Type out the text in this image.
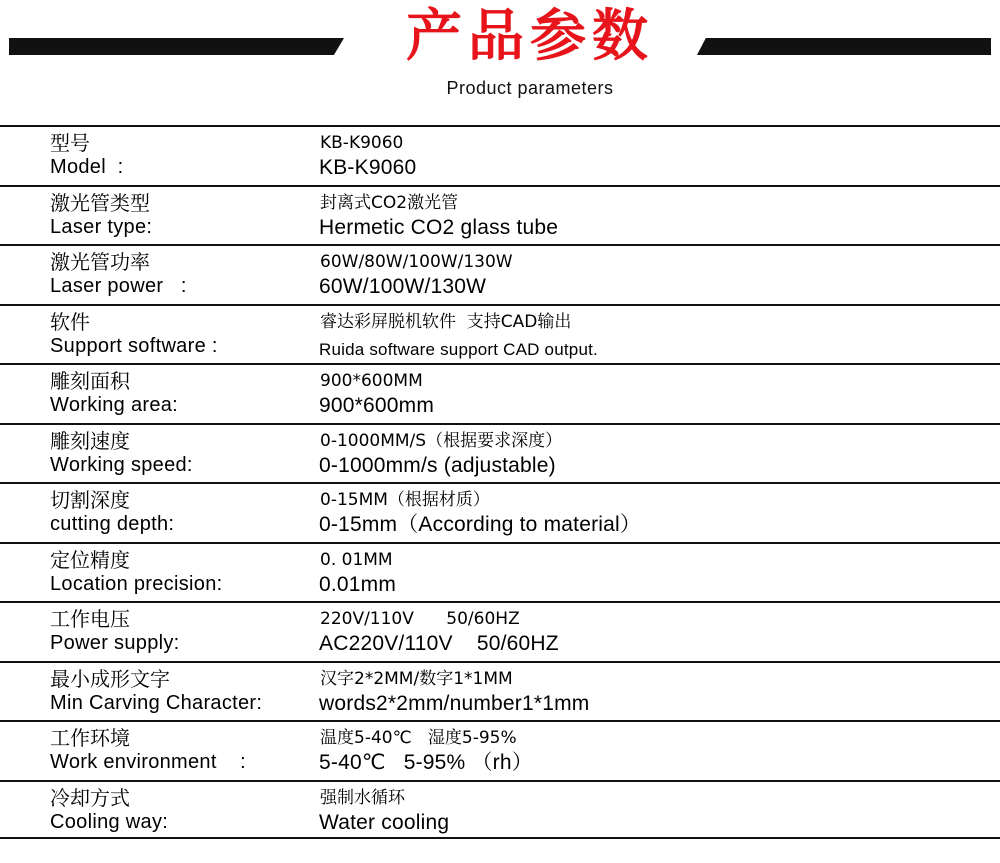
产品参数
Product parameters
型号
Model  :
KB-K9060
KB-K9060
激光管类型
Laser type:
封离式CO2激光管
Hermetic CO2 glass tube
激光管功率
Laser power   :
60W/80W/100W/130W
60W/100W/130W
软件
Support software :
睿达彩屏脱机软件  支持CAD输出
Ruida software support CAD output.
雕刻面积
Working area:
900*600MM
900*600mm
雕刻速度
Working speed:
0-1000MM/S（根据要求深度）
0-1000mm/s (adjustable)
切割深度
cutting depth:
0-15MM（根据材质）
0-15mm（According to material）
定位精度
Location precision:
0. 01MM
0.01mm
工作电压
Power supply:
220V/110V      50/60HZ
AC220V/110V    50/60HZ
最小成形文字
Min Carving Character:
汉字2*2MM/数字1*1MM
words2*2mm/number1*1mm
工作环境
Work environment    :
温度5-40℃   湿度5-95%
5-40℃   5-95% （rh）
冷却方式
Cooling way:
强制水循环
Water cooling
